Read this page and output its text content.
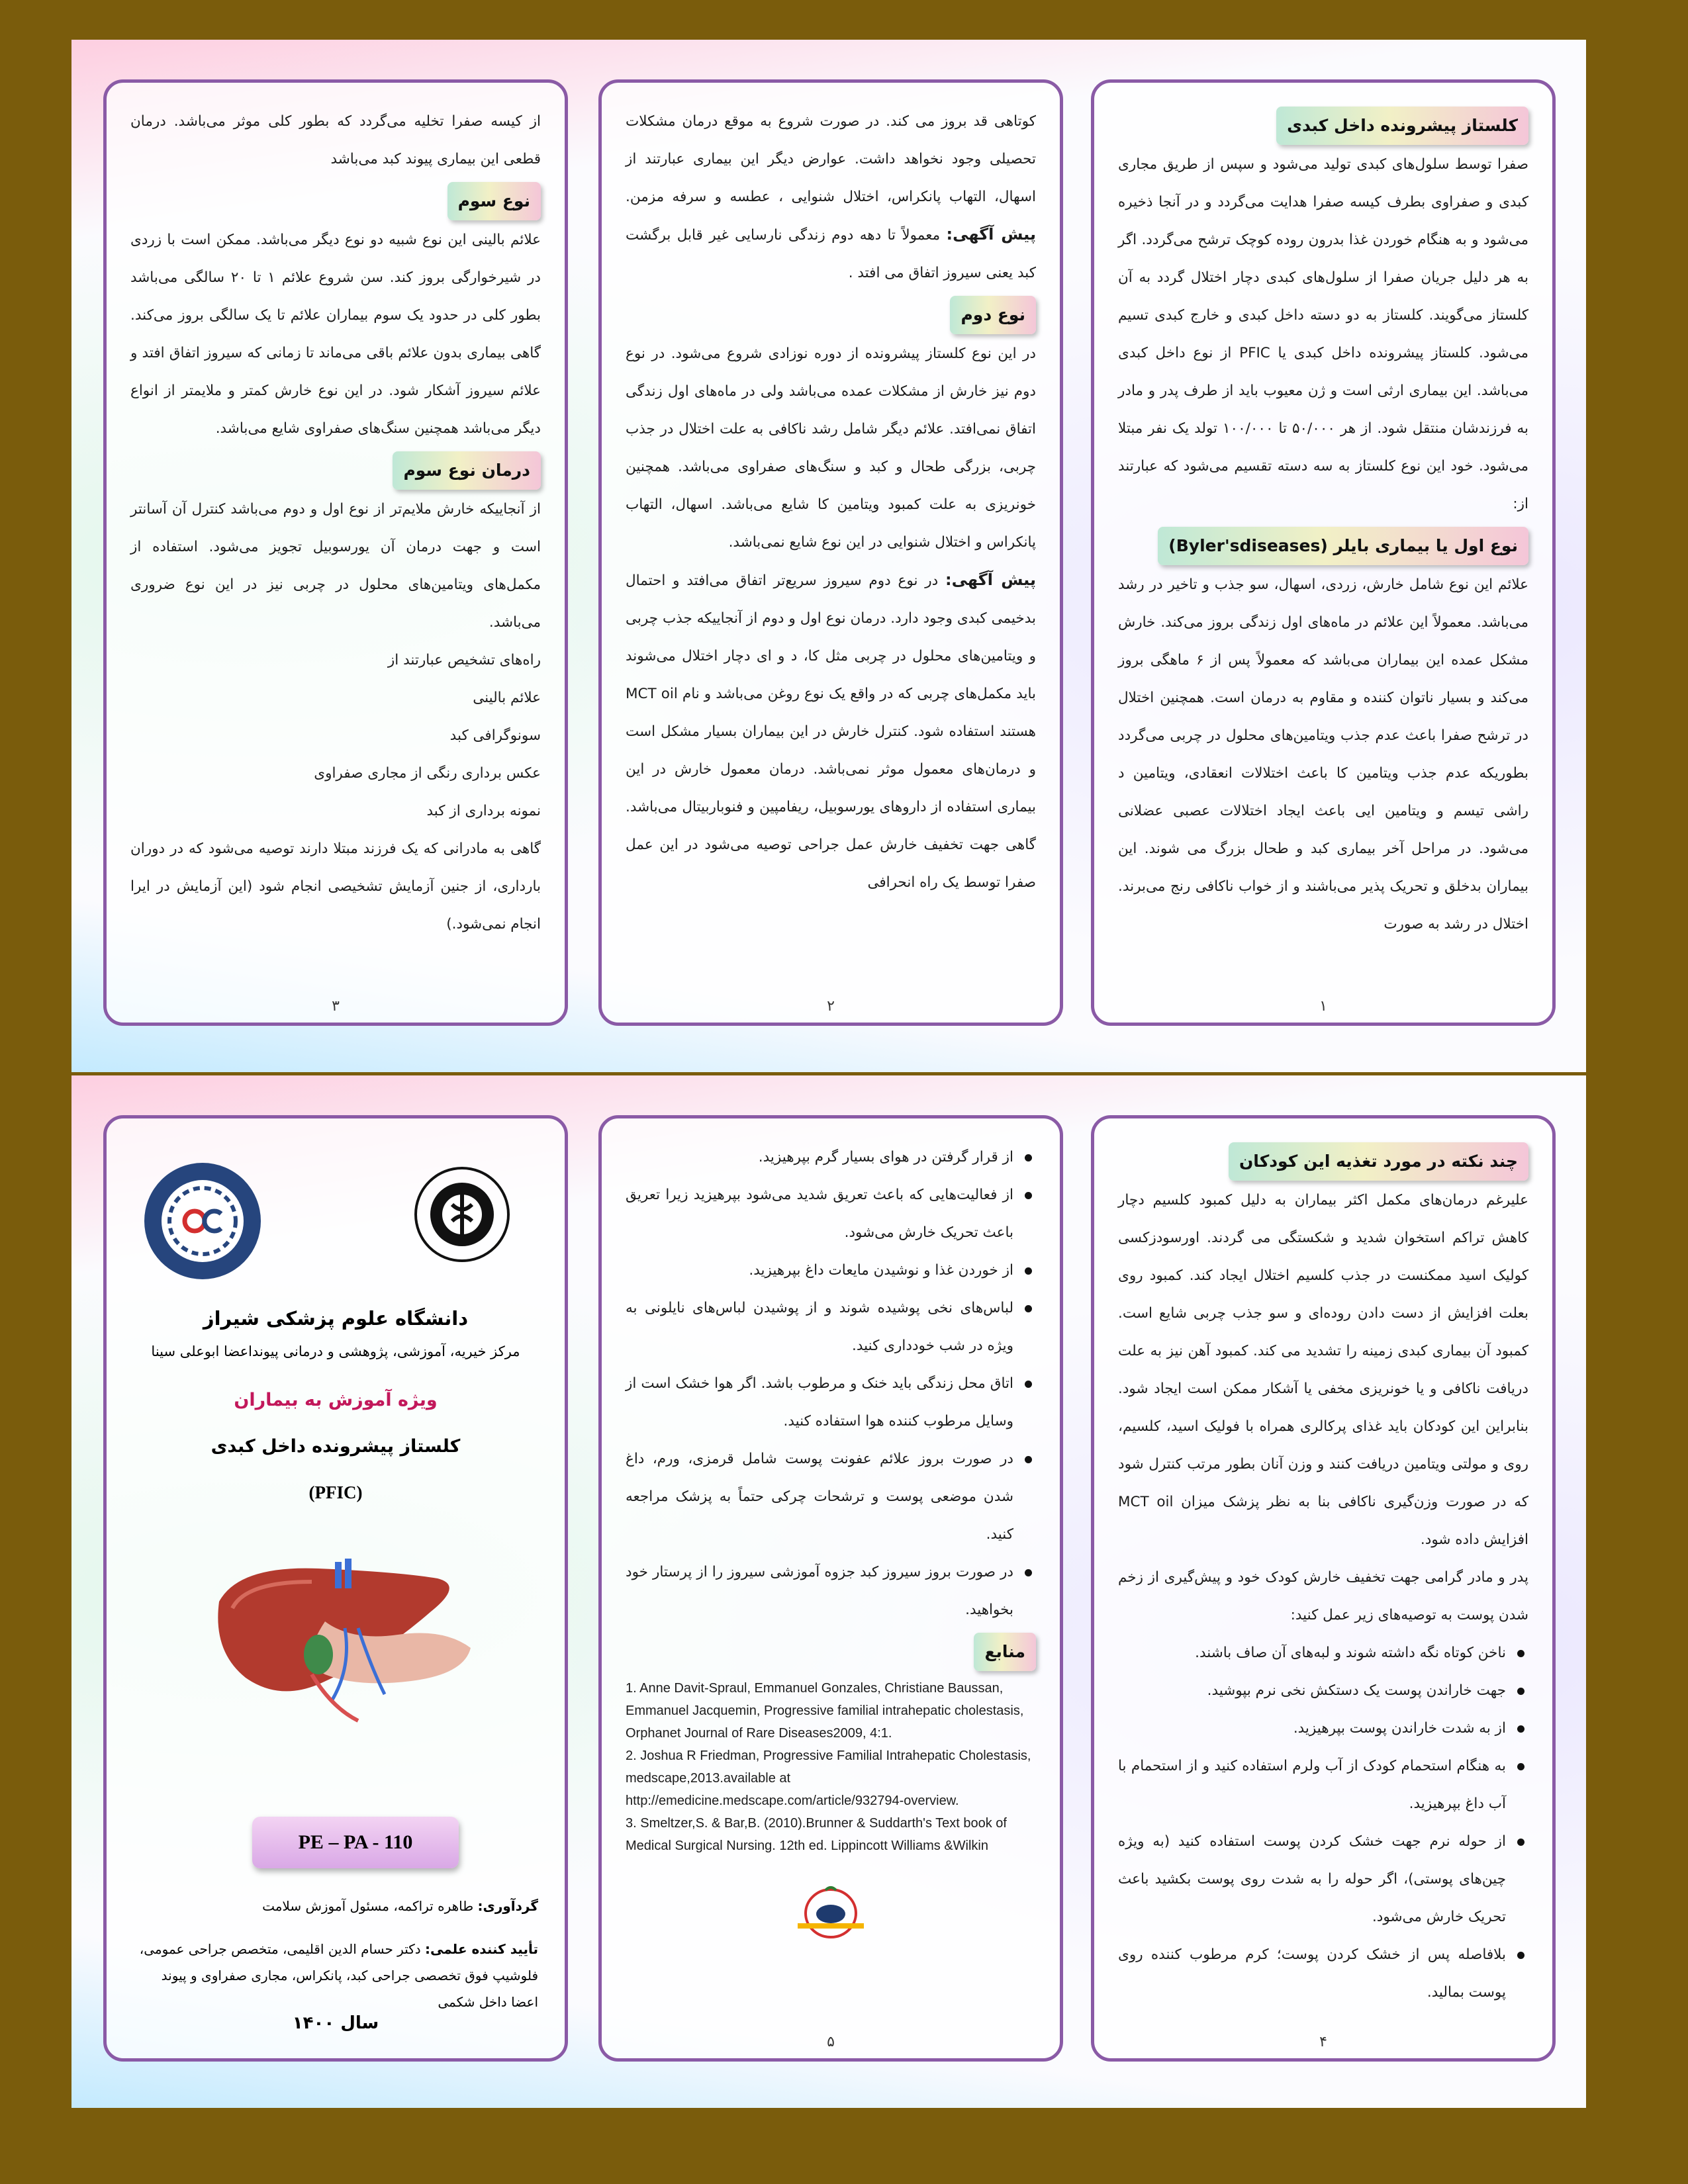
کلستاز پیشرونده داخل کبدی

صفرا توسط سلول‌های کبدی تولید می‌شود و سپس از طریق مجاری کبدی و صفراوی بطرف کیسه صفرا هدایت می‌گردد و در آنجا ذخیره می‌شود و به هنگام خوردن غذا بدرون روده کوچک ترشح می‌گردد. اگر به هر دلیل جریان صفرا از سلول‌های کبدی دچار اختلال گردد به آن کلستاز می‌گویند. کلستاز به دو دسته داخل کبدی و خارج کبدی تسیم می‌شود. کلستاز پیشرونده داخل کبدی یا PFIC از نوع داخل کبدی می‌باشد. این بیماری ارثی است و ژن معیوب باید از طرف پدر و مادر به فرزندشان منتقل شود. از هر ۵۰/۰۰۰ تا ۱۰۰/۰۰۰ تولد یک نفر مبتلا می‌شود. خود این نوع کلستاز به سه دسته تقسیم می‌شود که عبارتند از:

نوع اول یا بیماری بایلر (Byler'sdiseases)

علائم این نوع شامل خارش، زردی، اسهال، سو جذب و تاخیر در رشد می‌باشد. معمولاً این علائم در ماه‌های اول زندگی بروز می‌کند. خارش مشکل عمده این بیماران می‌باشد که معمولاً پس از ۶ ماهگی بروز می‌کند و بسیار ناتوان کننده و مقاوم به درمان است. همچنین اختلال در ترشح صفرا باعث عدم جذب ویتامین‌های محلول در چربی می‌گردد بطوریکه عدم جذب ویتامین کا باعث اختلالات انعقادی، ویتامین د راشی تیسم و ویتامین ایی باعث ایجاد اختلالات عصبی عضلانی می‌شود. در مراحل آخر بیماری کبد و طحال بزرگ می شوند. این بیماران بدخلق و تحریک پذیر می‌باشند و از خواب ناکافی رنج می‌برند. اختلال در رشد به صورت

۱

کوتاهی قد بروز می کند. در صورت شروع به موقع درمان مشکلات تحصیلی وجود نخواهد داشت. عوارض دیگر این بیماری عبارتند از اسهال، التهاب پانکراس، اختلال شنوایی ، عطسه و سرفه مزمن. پیش آگهی: معمولاً تا دهه دوم زندگی نارسایی غیر قابل برگشت کبد یعنی سیروز اتفاق می افتد .

نوع دوم

در این نوع کلستاز پیشرونده از دوره نوزادی شروع می‌شود. در نوع دوم نیز خارش از مشکلات عمده می‌باشد ولی در ماه‌های اول زندگی اتفاق نمی‌افتد. علائم دیگر شامل رشد ناکافی به علت اختلال در جذب چربی، بزرگی طحال و کبد و سنگ‌های صفراوی می‌باشد. همچنین خونریزی به علت کمبود ویتامین کا شایع می‌باشد. اسهال، التهاب پانکراس و اختلال شنوایی در این نوع شایع نمی‌باشد.

پیش آگهی: در نوع دوم سیروز سریع‌تر اتفاق می‌افتد و احتمال بدخیمی کبدی وجود دارد. درمان نوع اول و دوم از آنجاییکه جذب چربی و ویتامین‌های محلول در چربی مثل کا، د و ای دچار اختلال می‌شوند باید مکمل‌های چربی که در واقع یک نوع روغن می‌باشد و نام MCT oil هستند استفاده شود. کنترل خارش در این بیماران بسیار مشکل است و درمان‌های معمول موثر نمی‌باشد. درمان معمول خارش در این بیماری استفاده از داروهای یورسوبیل، ریفامپین و فنوباربیتال می‌باشد. گاهی جهت تخفیف خارش عمل جراحی توصیه می‌شود در این عمل صفرا توسط یک راه انحرافی

۲

از کیسه صفرا تخلیه می‌گردد که بطور کلی موثر می‌باشد. درمان قطعی این بیماری پیوند کبد می‌باشد

نوع سوم

علائم بالینی این نوع شبیه دو نوع دیگر می‌باشد. ممکن است با زردی در شیرخوارگی بروز کند. سن شروع علائم ۱ تا ۲۰ سالگی می‌باشد بطور کلی در حدود یک سوم بیماران علائم تا یک سالگی بروز می‌کند. گاهی بیماری بدون علائم باقی می‌ماند تا زمانی که سیروز اتفاق افتد و علائم سیروز آشکار شود. در این نوع خارش کمتر و ملایمتر از انواع دیگر می‌باشد همچنین سنگ‌های صفراوی شایع می‌باشد.

درمان نوع سوم

از آنجاییکه خارش ملایم‌تر از نوع اول و دوم می‌باشد کنترل آن آسانتر است و جهت درمان آن یورسوبیل تجویز می‌شود. استفاده از مکمل‌های ویتامین‌های محلول در چربی نیز در این نوع ضروری می‌باشد.

راه‌های تشخیص عبارتند از

علائم بالینی

سونوگرافی کبد

عکس برداری رنگی از مجاری صفراوی

نمونه برداری از کبد

گاهی به مادرانی که یک فرزند مبتلا دارند توصیه می‌شود که در دوران بارداری، از جنین آزمایش تشخیصی انجام شود (این آزمایش در ایرا انجام نمی‌شود.)

۳
چند نکته در مورد تغذیه این کودکان

علیرغم درمان‌های مکمل اکثر بیماران به دلیل کمبود کلسیم دچار کاهش تراکم استخوان شدید و شکستگی می گردند. اورسودزکسی کولیک اسید ممکنست در جذب کلسیم اختلال ایجاد کند. کمبود روی بعلت افزایش از دست دادن روده‌ای و سو جذب چربی شایع است. کمبود آن بیماری کبدی زمینه را تشدید می کند. کمبود آهن نیز به علت دریافت ناکافی و یا خونریزی مخفی یا آشکار ممکن است ایجاد شود. بنابراین این کودکان باید غذای پرکالری همراه با فولیک اسید، کلسیم، روی و مولتی ویتامین دریافت کنند و وزن آنان بطور مرتب کنترل شود که در صورت وزن‌گیری ناکافی بنا به نظر پزشک میزان MCT oil افزایش داده شود.

پدر و مادر گرامی جهت تخفیف خارش کودک خود و پیش‌گیری از زخم شدن پوست به توصیه‌های زیر عمل کنید:

ناخن کوتاه نگه داشته شوند و لبه‌های آن صاف باشند.
جهت خاراندن پوست یک دستکش نخی نرم بپوشید.
از به شدت خاراندن پوست بپرهیزید.
به هنگام استحمام کودک از آب ولرم استفاده کنید و از استحمام با آب داغ بپرهیزید.
از حوله نرم جهت خشک کردن پوست استفاده کنید (به ویژه چین‌های پوستی)، اگر حوله را به شدت روی پوست بکشید باعث تحریک خارش می‌شود.
بلافاصله پس از خشک کردن پوست؛ کرم مرطوب کننده روی پوست بمالید.
۴
از قرار گرفتن در هوای بسیار گرم بپرهیزید.
از فعالیت‌هایی که باعث تعریق شدید می‌شود بپرهیزید زیرا تعریق باعث تحریک خارش می‌شود.
از خوردن غذا و نوشیدن مایعات داغ بپرهیزید.
لباس‌های نخی پوشیده شوند و از پوشیدن لباس‌های نایلونی به ویژه در شب خودداری کنید.
اتاق محل زندگی باید خنک و مرطوب باشد. اگر هوا خشک است از وسایل مرطوب کننده هوا استفاده کنید.
در صورت بروز علائم عفونت پوست شامل قرمزی، ورم، داغ شدن موضعی پوست و ترشحات چرکی حتماً به پزشک مراجعه کنید.
در صورت بروز سیروز کبد جزوه آموزشی سیروز را از پرستار خود بخواهید.
منابع

1. Anne Davit-Spraul, Emmanuel Gonzales, Christiane Baussan, Emmanuel Jacquemin, Progressive familial intrahepatic cholestasis, Orphanet Journal of Rare Diseases2009, 4:1.

2. Joshua R Friedman, Progressive Familial Intrahepatic Cholestasis, medscape,2013.available at http://emedicine.medscape.com/article/932794-overview.

3. Smeltzer,S. & Bar,B. (2010).Brunner & Suddarth's Text book of Medical Surgical Nursing. 12th ed. Lippincott Williams &Wilkin

۵
دانشگاه علوم پزشکی شیراز
مرکز خیریه، آموزشی، پژوهشی و درمانی پیونداعضا ابوعلی سینا
ویژه آموزش به بیماران
کلستاز پیشرونده داخل کبدی
(PFIC)
PE – PA - 110
گردآوری: طاهره تراکمه، مسئول آموزش سلامت
تأیید کننده علمی: دکتر حسام الدین اقلیمی، متخصص جراحی عمومی، فلوشیپ فوق تخصصی جراحی کبد، پانکراس، مجاری صفراوی و پیوند اعضا داخل شکمی
سال ۱۴۰۰
